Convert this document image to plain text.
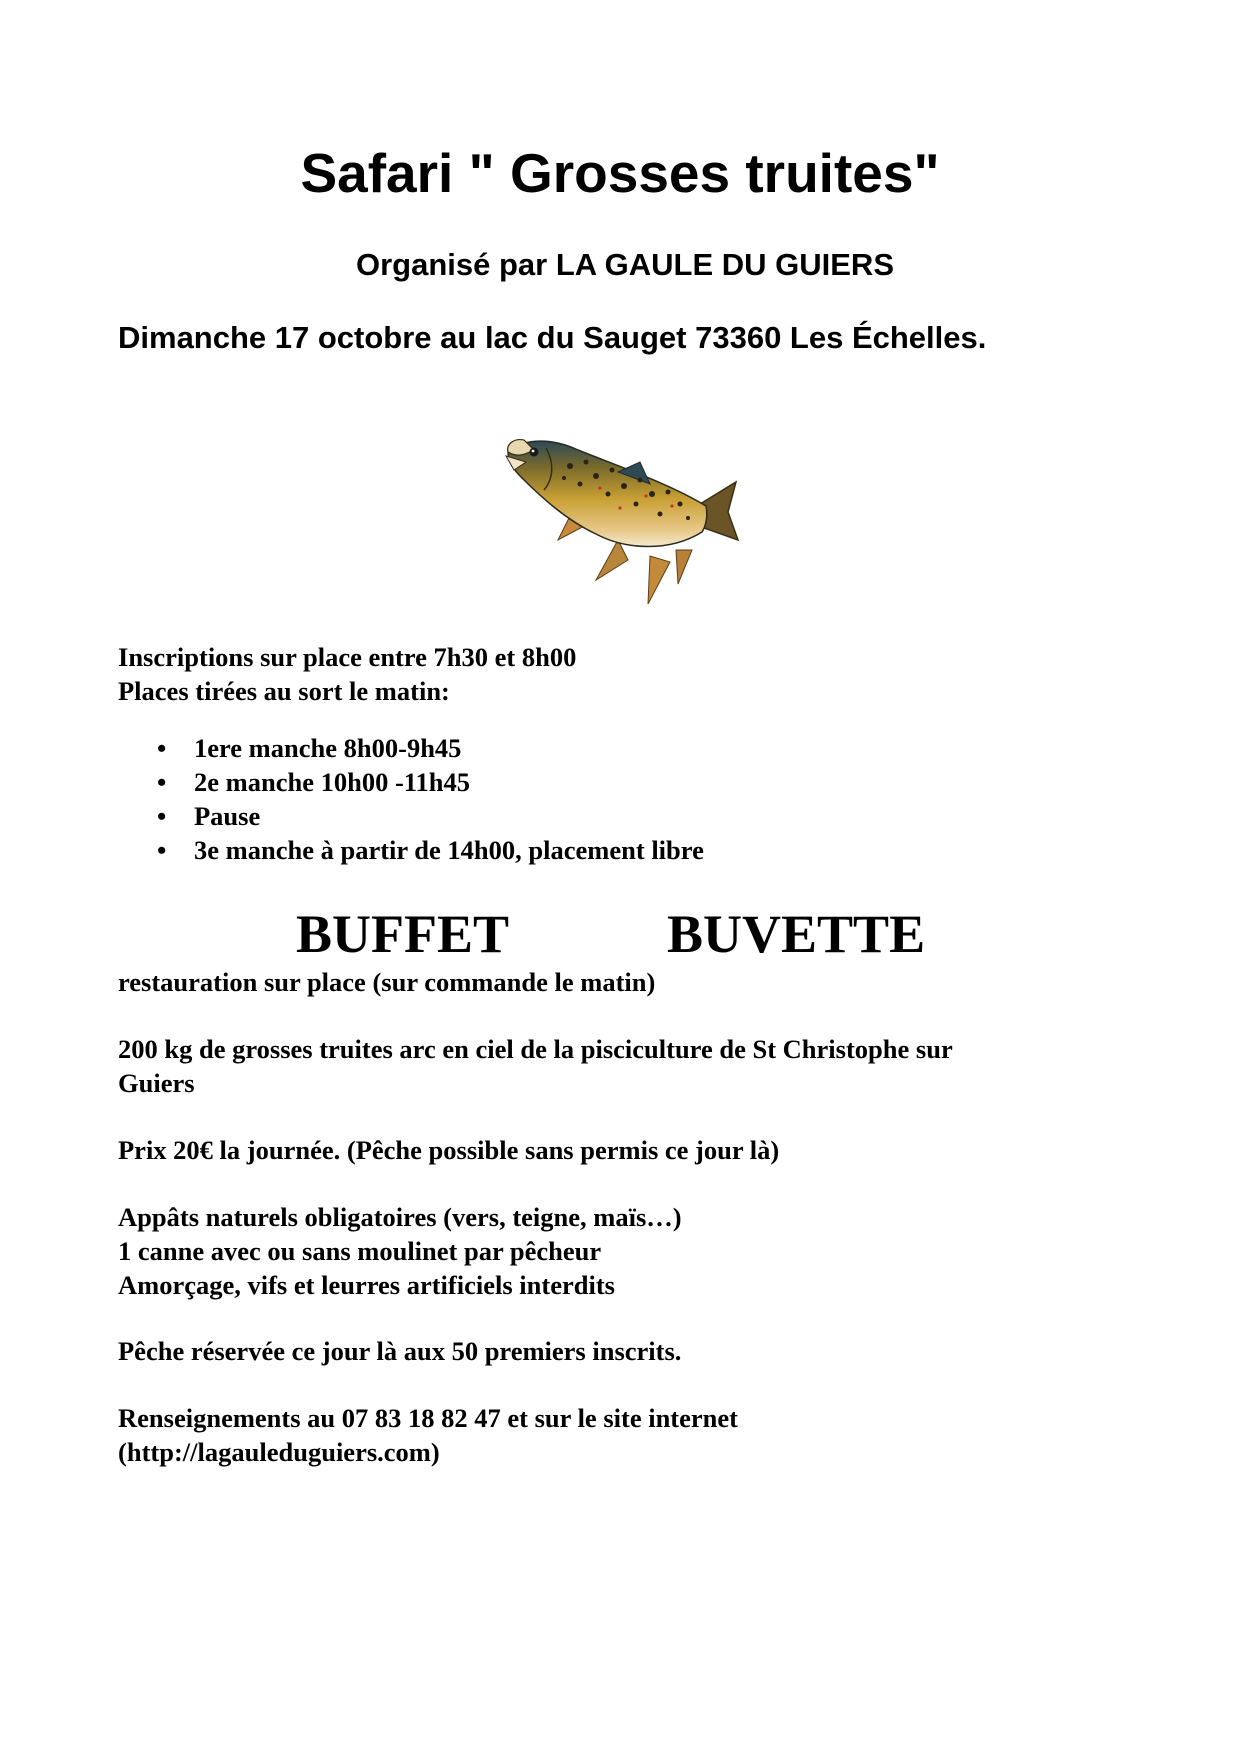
Safari " Grosses truites"
Organisé par LA GAULE DU GUIERS
Dimanche 17 octobre au lac du Sauget 73360 Les Échelles.
Inscriptions sur place entre 7h30 et 8h00
Places tirées au sort le matin:
• 1ere manche 8h00-9h45
• 2e manche 10h00 -11h45
• Pause
• 3e manche à partir de 14h00, placement libre
BUFFET	BUVETTE
restauration sur place (sur commande le matin)
200 kg de grosses truites arc en ciel de la pisciculture de St Christophe sur
Guiers
Prix 20€ la journée. (Pêche possible sans permis ce jour là)
Appâts naturels obligatoires (vers, teigne, maïs…)
1 canne avec ou sans moulinet par pêcheur
Amorçage, vifs et leurres artificiels interdits
Pêche réservée ce jour là aux 50 premiers inscrits.
Renseignements au 07 83 18 82 47 et sur le site internet
(http://lagauleduguiers.com)
